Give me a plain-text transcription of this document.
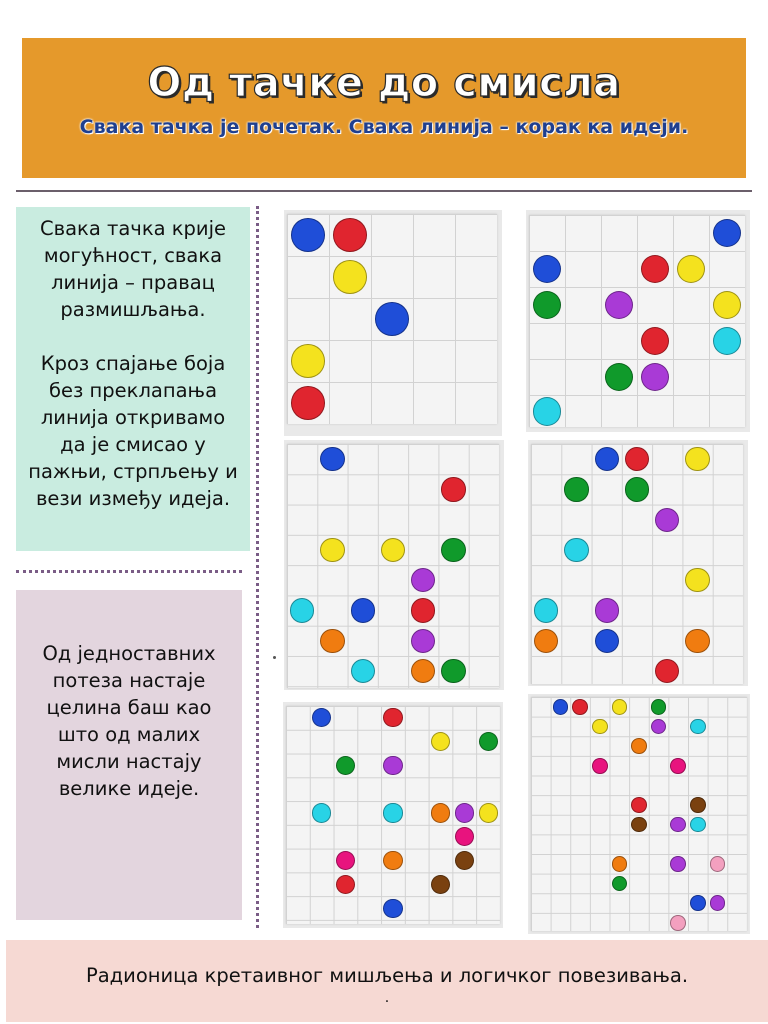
Од тачке до смисла
Свака тачка је почетак. Свака линија – корак ка идеји.

Свака тачка крије могућност, свака линија – правац размишљања.

Кроз спајање боја без преклапања линија откривамо да је смисао у пажњи, стрпљењу и вези између идеја.

Од једноставних потеза настаје целина баш као што од малих мисли настају велике идеје.
Радионица кретаивног мишљења и логичког повезивања.
.
